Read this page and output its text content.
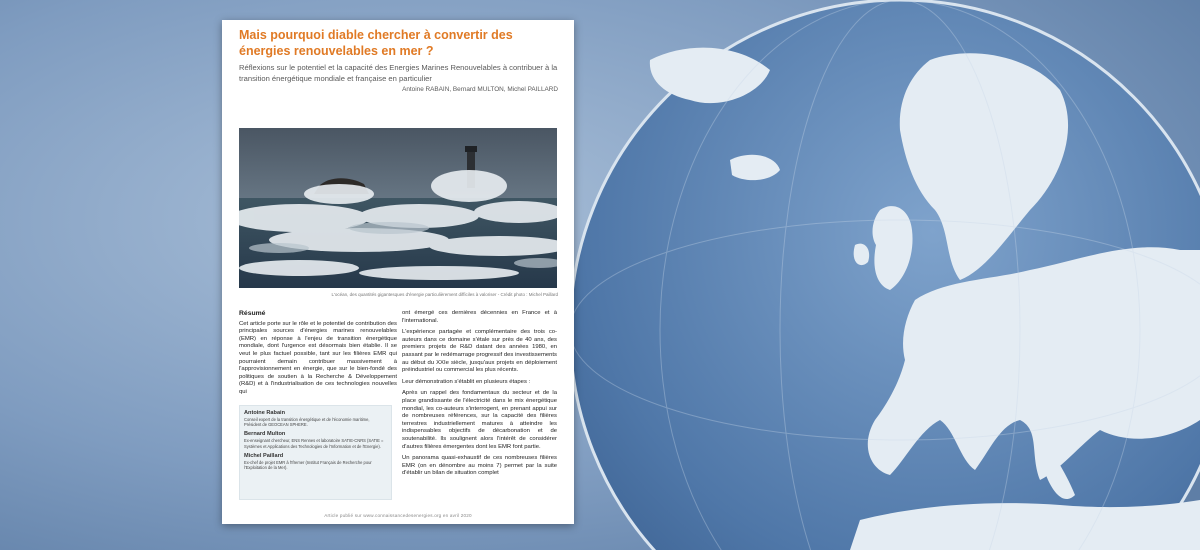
Mais pourquoi diable chercher à convertir des énergies renouvelables en mer ?

Réflexions sur le potentiel et la capacité des Energies Marines Renouvelables à contribuer à la transition énergétique mondiale et française en particulier

Antoine RABAIN, Bernard MULTON, Michel PAILLARD

L'océan, des quantités gigantesques d'énergie particulièrement difficiles à valoriser - Crédit photo : Michel Paillard

Résumé

Cet article porte sur le rôle et le potentiel de contribution des principales sources d'énergies marines renouvelables (EMR) en réponse à l'enjeu de transition énergétique mondiale, dont l'urgence est désormais bien établie. Il se veut le plus factuel possible, tant sur les filières EMR qui pourraient demain contribuer massivement à l'approvisionnement en énergie, que sur le bien-fondé des politiques de soutien à la Recherche & Développement (R&D) et à l'industrialisation de ces technologies nouvelles qui

ont émergé ces dernières décennies en France et à l'international.

L'expérience partagée et complémentaire des trois co-auteurs dans ce domaine s'étale sur près de 40 ans, des premiers projets de R&D datant des années 1980, en passant par le redémarrage progressif des investissements au début du XXIe siècle, jusqu'aux projets en déploiement préindustriel ou commercial les plus récents.

Leur démonstration s'établit en plusieurs étapes :

Après un rappel des fondamentaux du secteur et de la place grandissante de l'électricité dans le mix énergétique mondial, les co-auteurs s'interrogent, en prenant appui sur de nombreuses références, sur la capacité des filières terrestres industriellement matures à atteindre les indispensables objectifs de décarbonation et de soutenabilité. Ils soulignent alors l'intérêt de considérer d'autres filières émergentes dont les EMR font partie.

Un panorama quasi-exhaustif de ces nombreuses filières EMR (on en dénombre au moins 7) permet par la suite d'établir un bilan de situation complet

Antoine Rabain
Conseil expert de la transition énergétique et de l'économie maritime, Président de GEOCEAN SPHERE.
Bernard Multon
Ex-enseignant chercheur, ENS Rennes et laboratoire SATIE-CNRS (SATIE = Systèmes et Applications des Technologies de l'Information et de l'Energie).
Michel Paillard
Ex-chef de projet EMR à l'Ifremer (Institut Français de Recherche pour l'Exploitation de la Mer).

Article publié sur www.connaissancedesenergies.org en avril 2020
